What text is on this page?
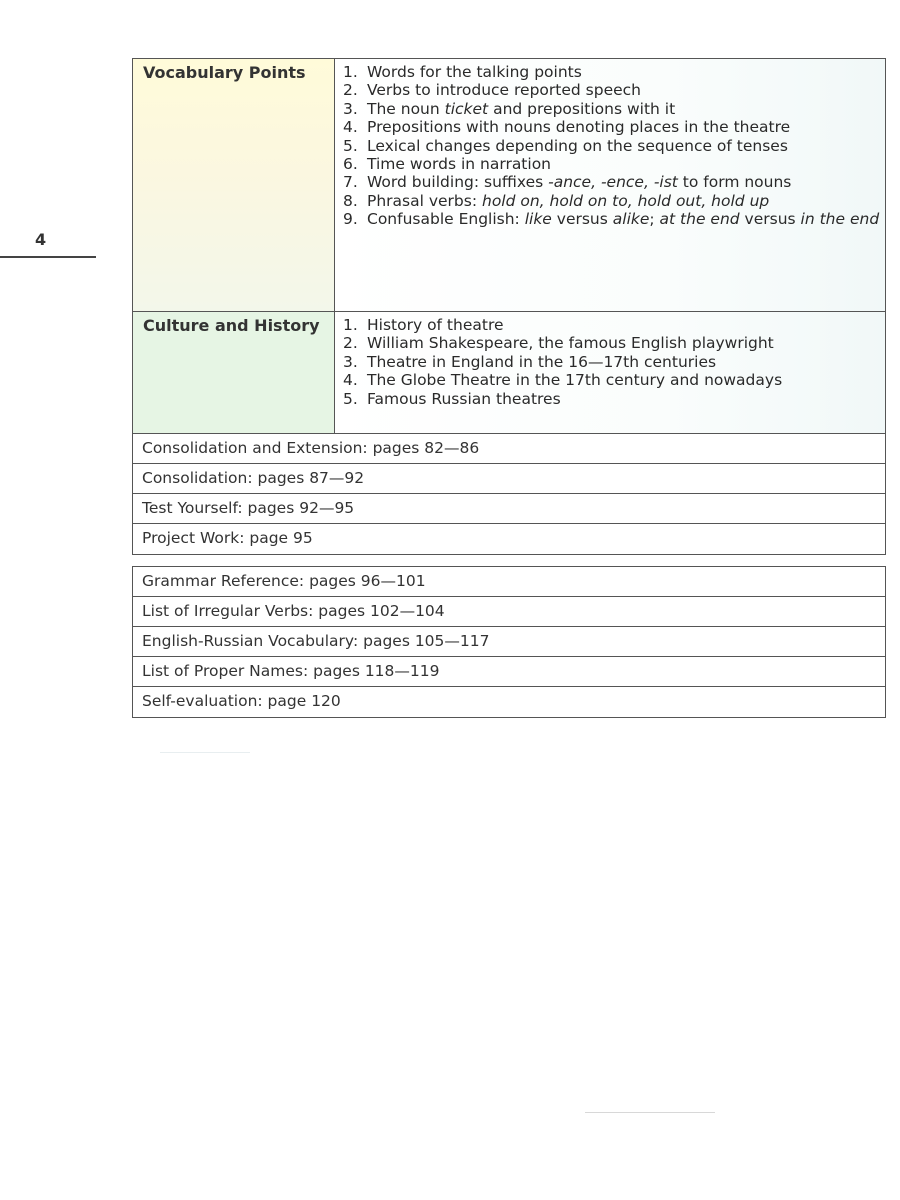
4
Vocabulary Points	1. Words for the talking points
2. Verbs to introduce reported speech
3. The noun ticket and prepositions with it
4. Prepositions with nouns denoting places in the theatre
5. Lexical changes depending on the sequence of tenses
6. Time words in narration
7. Word building: suffixes -ance, -ence, -ist to form nouns
8. Phrasal verbs: hold on, hold on to, hold out, hold up
9. Confusable English: like versus alike; at the end versus in the end
Culture and History	1. History of theatre
2. William Shakespeare, the famous English playwright
3. Theatre in England in the 16—17th centuries
4. The Globe Theatre in the 17th century and nowadays
5. Famous Russian theatres
Consolidation and Extension: pages 82—86
Consolidation: pages 87—92
Test Yourself: pages 92—95
Project Work: page 95
Grammar Reference: pages 96—101
List of Irregular Verbs: pages 102—104
English-Russian Vocabulary: pages 105—117
List of Proper Names: pages 118—119
Self-evaluation: page 120
